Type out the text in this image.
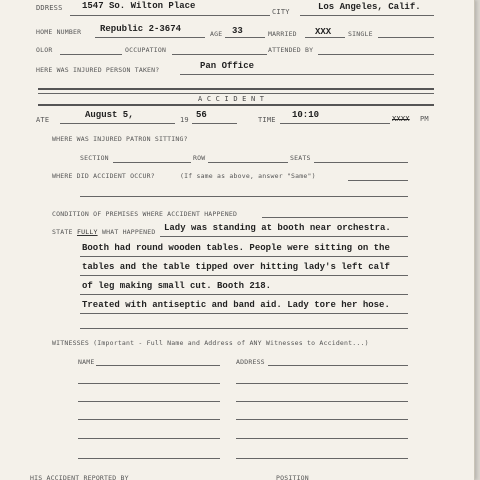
DDRESS 1547 So. Wilton Place
CITY	Los Angeles, Calif.
HOME NUMBER Republic 2-3674	AGE 33	MARRIED XXX	SINGLE
OLOR	OCCUPATION	ATTENDED BY
HERE WAS INJURED PERSON TAKEN?	Pan Office
A C C I D E N T
ATE	August 5,	19 56	TIME 10:10	XXXX PM
WHERE WAS INJURED PATRON SITTING?
SECTION	ROW	SEATS
WHERE DID ACCIDENT OCCUR?	(If same as above, answer "Same")
CONDITION OF PREMISES WHERE ACCIDENT HAPPENED
STATE FULLY WHAT HAPPENED Lady was standing at booth near orchestra.
Booth had round wooden tables. People were sitting on the
tables and the table tipped over hitting lady's left calf
of leg making small cut. Booth 218.
Treated with antiseptic and band aid. Lady tore her hose.
WITNESSES (Important - Full Name and Address of ANY Witnesses to Accident...)
NAME	ADDRESS
HIS ACCIDENT REPORTED BY	POSITION
